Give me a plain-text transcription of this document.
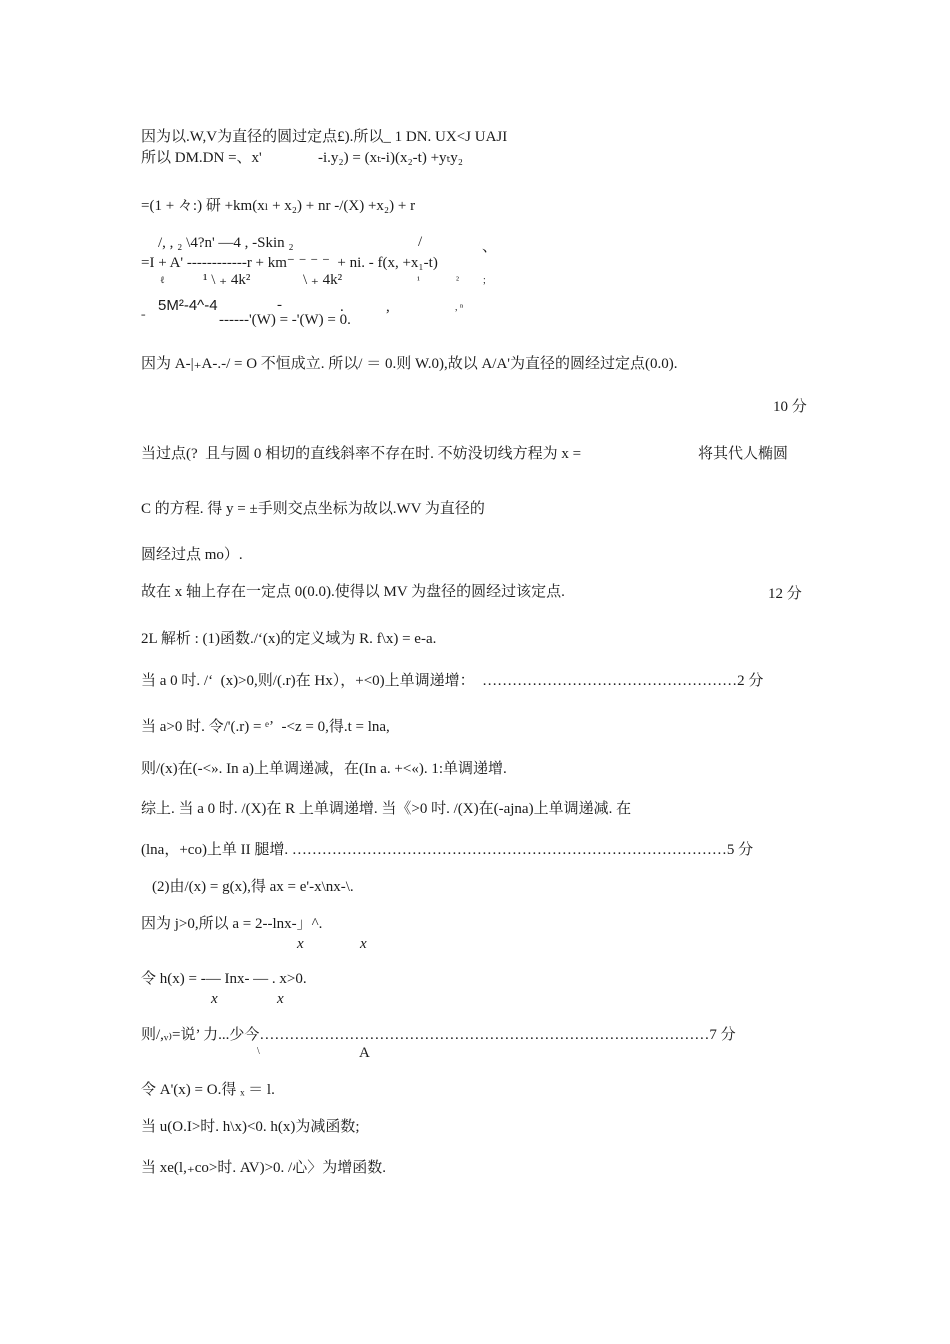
因为以.W,V为直径的圆过定点£).所以_ 1 DN. UX<J UAJI
所以 DM.DN =、x'               -i.y₂) = (xₜ-i)(x₂-t) +yₜy₂
=(1 + 々:) 研 +km(xₗ + x₂) + nr -/(X) +x₂) + r
/, , ₂ \4?n' —4 , -Skin ₂	/	、
=I + A' ------------r + km⁻ ⁻ ⁻ ⁻  + ni. - f(x, +x₁-t)
ℓ	¹ \ ₊ 4k²	\ ₊ 4k²	¹	² ;
5M²-4^-4	-	.	,	, ⁿ
=	------'(W) = -'(W) = 0.
因为 A-|₊A-.-/ = O 不恒成立. 所以/ ＝ 0.则 W.0),故以 A/A'为直径的圆经过定点(0.0).
10 分
当过点(?  且与圆 0 相切的直线斜率不存在时. 不妨没切线方程为 x =	将其代人椭圆
C 的方程. 得 y = ±手则交点坐标为故以.WV 为直径的
圆经过点 mo）.
故在 x 轴上存在一定点 0(0.0).使得以 MV 为盘径的圆经过该定点.	12 分
2L 解析 : (1)函数./‘(x)的定义域为 R. f\x) = e-a.
当 a 0 吋. /ʻ  (x)>0,则/(.r)在 Hx），+<0)上单调递增：  ……………………………………………2 分
当 a>0 时. 令/'(.r) = ᵉʼ  -<z = 0,得.t = lna,
则/(x)在(-<». In a)上单调递减，在(In a. +<«). 1:单调递增.
综上. 当 a 0 时. /(X)在 R 上单调递增. 当《>0 吋. /(X)在(-ajna)上单调递减. 在
(lna，+co)上单 II 腿增. ……………………………………………………………………………5 分
(2)由/(x) = g(x),得 ax = e'-x\nx-\.
因为 j>0,所以 a = 2--lnx-」^.
x	x
令 h(x) = -— Inx- — . x>0.
x	x
则/,ᵥ₎=说’ 力...少今………………………………………………………………………………7 分
\	A
令 A'(x) = O.得 ₓ ＝ l.
当 u(O.I>时. h\x)<0. h(x)为减函数;
当 xe(l,₊co>时. AV)>0. /心〉为增函数.
